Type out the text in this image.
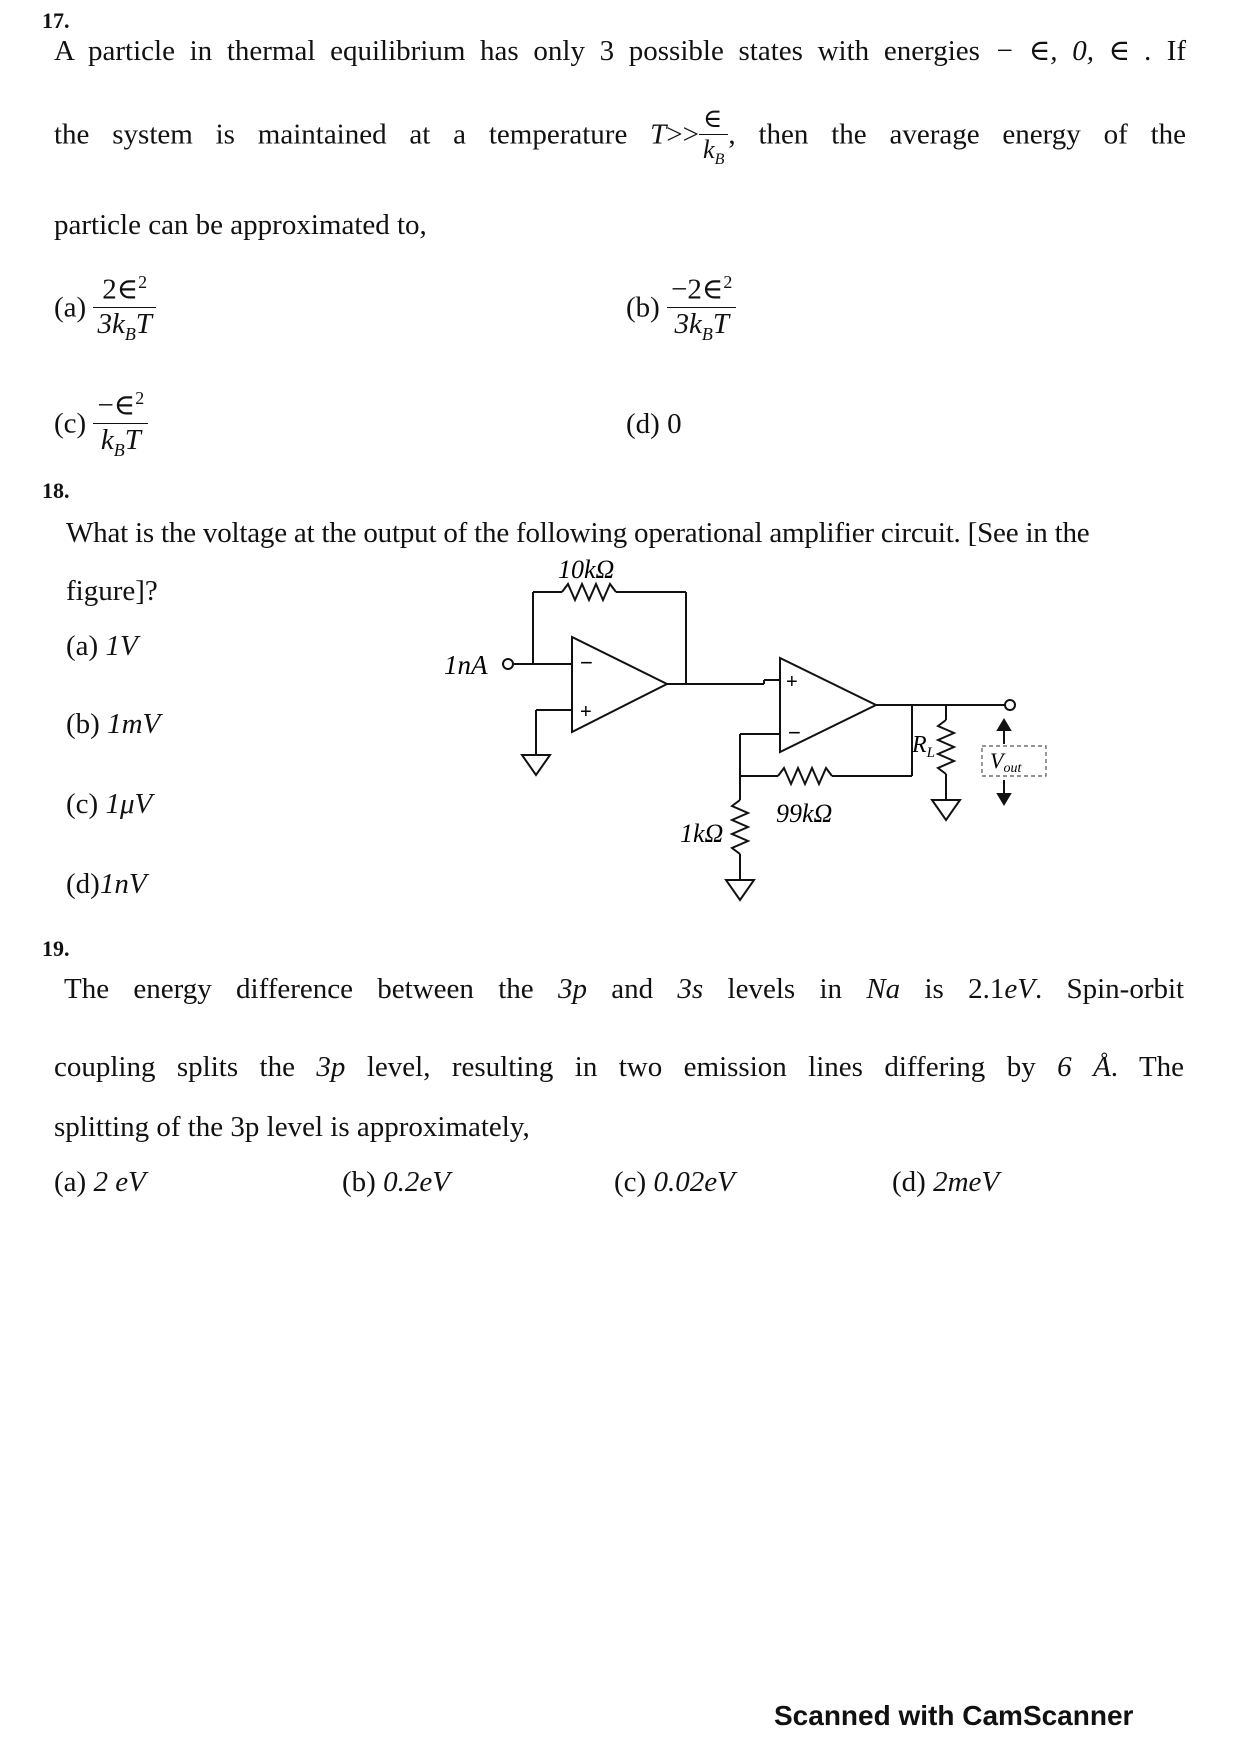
17.
A particle in thermal equilibrium has only 3 possible states with energies − ∈, 0, ∈ . If
the system is maintained at a temperature $T>> \frac{\in}{k_B}$ , then the average energy of the
particle can be approximated to,
$(a) \frac{2\in^2}{3k_BT}$	$(b) \frac{-2\in^2}{3k_BT}$
$(c) \frac{-\in^2}{k_BT}$	(d) 0
18.
What is the voltage at the output of the following operational amplifier circuit. [See in the
figure]?
(a) 1V
(b) 1mV
(c) 1μV
(d)1nV
10kΩ
1nA	−
+
+
−
99kΩ
1kΩ
$R_L$ Vout
19.
The energy difference between the 3p and 3s levels in Na is 2.1eV. Spin-orbit
coupling splits the 3p level, resulting in two emission lines differing by 6 Å. The
splitting of the 3p level is approximately,
(a) 2 eV	(b) 0.2eV	(c) 0.02eV	(d) 2meV
Scanned with CamScanner
